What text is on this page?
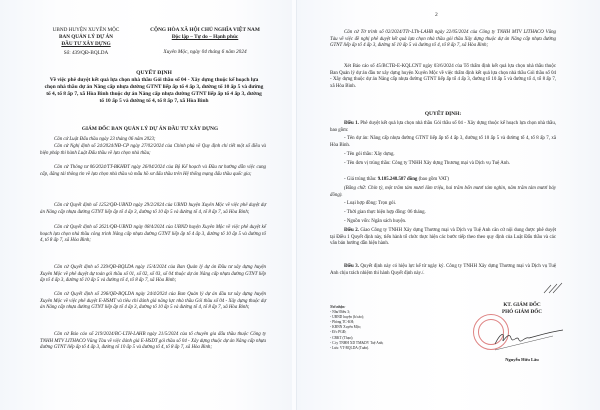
UBND HUYỆN XUYÊN MỘC
BAN QUẢN LÝ DỰ ÁN
ĐẦU TƯ XÂY DỰNG
Số: 439/QĐ-BQLDA
CỘNG HÒA XÃ HỘI CHỦ NGHĨA VIỆT NAM
Độc lập – Tự do – Hạnh phúc
Xuyên Mộc, ngày 04 tháng 6 năm 2024
QUYẾT ĐỊNH
Về việc phê duyệt kết quả lựa chọn nhà thầu Gói thầu số 04 - Xây dựng thuộc kế hoạch lựa chọn nhà thầu dự án Nâng cấp nhựa đường GTNT liếp ấp tổ 4 ấp 3, đường tổ 10 ấp 5 và đường tổ 4, tổ 8 ấp 7, xã Hòa Bình thuộc dự án Nâng cấp nhựa đường GTNT liếp ấp tổ 4 ấp 3, đường tổ 10 ấp 5 và đường tổ 4, tổ 8 ấp 7, xã Hòa Bình
GIÁM ĐỐC BAN QUẢN LÝ DỰ ÁN ĐẦU TƯ XÂY DỰNG
Căn cứ Luật Đấu thầu ngày 23 tháng 06 năm 2023;
Căn cứ Nghị định số 24/2024/NĐ-CP ngày 27/02/2024 của Chính phủ về Quy định chi tiết một số điều và biện pháp thi hành Luật Đấu thầu về lựa chọn nhà thầu;
Căn cứ Thông tư 06/2024/TT-BKHĐT ngày 26/04/2024 của Bộ Kế hoạch và Đầu tư hướng dẫn việc cung cấp, đăng tải thông tin về lựa chọn nhà thầu và mẫu hồ sơ đấu thầu trên Hệ thống mạng đấu thầu quốc gia;
Căn cứ Quyết định số 1252/QĐ-UBND ngày 29/2/2024 của UBND huyện Xuyên Mộc về việc phê duyệt dự án Nâng cấp nhựa đường GTNT liếp ấp tổ 4 ấp 3, đường tổ 10 ấp 5 và đường tổ 4, tổ 8 ấp 7, xã Hòa Bình;
Căn cứ Quyết định số 2621/QĐ-UBND ngày 08/4/2024 của UBND huyện Xuyên Mộc về việc phê duyệt kế hoạch lựa chọn nhà thầu công trình Nâng cấp nhựa đường GTNT liếp ấp tổ 4 ấp 3, đường tổ 10 ấp 5 và đường tổ 4, tổ 8 ấp 7, xã Hòa Bình;
Căn cứ Quyết định số 239/QĐ-BQLDA ngày 15/4/2024 của Ban Quản lý dự án Đầu tư xây dựng huyện Xuyên Mộc về phê duyệt dự toán gói thầu số 01, số 02, số 03, số 04 thuộc dự án Nâng cấp nhựa đường GTNT liếp ấp tổ 4 ấp 3, đường tổ 10 ấp 5 và đường tổ 4, tổ 8 ấp 7, xã Hòa Bình;
Căn cứ Quyết định số 296/QĐ-BQLDA ngày 24/4/2024 của Ban Quản lý dự án đầu tư xây dựng huyện Xuyên Mộc về việc phê duyệt E-HSMT và tiêu chí đánh giá năng lực nhà thầu Gói thầu số 04 - Xây dựng thuộc dự án Nâng cấp nhựa đường GTNT liếp ấp tổ 4 ấp 3, đường tổ 10 ấp 5 và đường tổ 4, tổ 8 ấp 7, xã Hòa Bình;
Căn cứ Báo cáo số 219/2024/BC-LTH-LAHB ngày 21/5/2024 của tổ chuyên gia đấu thầu thuộc Công ty TNHH MTV LITHACO Vũng Tàu về việc đánh giá E-HSDT gói thầu số 04 - Xây dựng thuộc dự án Nâng cấp nhựa đường GTNT liếp ấp tổ 4 ấp 3, đường tổ 10 ấp 5 và đường tổ 4, tổ 8 ấp 7, xã Hòa Bình;
2
Căn cứ Tờ trình số 02/2024/TTr-LTh-LAHB ngày 22/05/2024 của Công ty TNHH MTV LITHACO Vũng Tàu về việc đề nghị phê duyệt kết quả lựa chọn nhà thầu gói thầu Xây dựng thuộc dự án Nâng cấp nhựa đường GTNT liếp ấp tổ 4 ấp 3, đường tổ 10 ấp 5 và đường tổ 4, tổ 8 ấp 7, xã Hòa Bình;
Xét Báo cáo số 45/BCTĐ-E-KQLCNT ngày 03/6/2024 của Tổ thẩm định kết quả lựa chọn nhà thầu thuộc Ban Quản lý dự án đầu tư xây dựng huyện Xuyên Mộc về việc thẩm định kết quả lựa chọn nhà thầu Gói thầu số 04 - Xây dựng thuộc dự án Nâng cấp nhựa đường GTNT liếp ấp tổ 4 ấp 3, đường tổ 10 ấp 5 và đường tổ 4, tổ 8 ấp 7, xã Hòa Bình.
QUYẾT ĐỊNH:
Điều 1. Phê duyệt kết quả lựa chọn nhà thầu Gói thầu số 04 - Xây dựng thuộc kế hoạch lựa chọn nhà thầu, bao gồm:
- Tên dự án: Nâng cấp nhựa đường GTNT liếp ấp tổ 4 ấp 3, đường tổ 10 ấp 5 và đường tổ 4, tổ 8 ấp 7, xã Hòa Bình.
- Tên gói thầu: Xây dựng.
- Tên đơn vị trúng thầu: Công ty TNHH Xây dựng Thương mại và Dịch vụ Tuệ Anh.
- Giá trúng thầu: 9.185.248.587 đồng (bao gồm VAT)
(Bằng chữ: Chín tỷ, một trăm tám mươi lăm triệu, hai trăm bốn mươi tám nghìn, năm trăm tám mươi bảy đồng).
- Loại hợp đồng: Trọn gói.
- Thời gian thực hiện hợp đồng: 06 tháng.
- Nguồn vốn: Ngân sách huyện.
Điều 2. Giao Công ty TNHH Xây dựng Thương mại và Dịch vụ Tuệ Anh căn cứ nội dung được phê duyệt tại Điều 1 Quyết định này, tiến hành tổ chức thực hiện các bước tiếp theo theo quy định của Luật Đấu thầu và các văn bản hướng dẫn hiện hành.
Điều 3. Quyết định này có hiệu lực kể từ ngày ký. Công ty TNHH Xây dựng Thương mại và Dịch vụ Tuệ Anh chịu trách nhiệm thi hành Quyết định này./.
Nơi nhận:
- Như Điều 3;
- UBND huyện (b/cáo);
- Phòng TC-KH;
- KBNN Xuyên Mộc;
- Đ/c PGĐ;
- CBKT (Thạo);
- C.ty TNHH XD TM&DV Tuệ Anh;
- Lưu: VT-BQLDA (Tuấn).
KT. GIÁM ĐỐC
PHÓ GIÁM ĐỐC
Nguyễn Hữu Lâu
